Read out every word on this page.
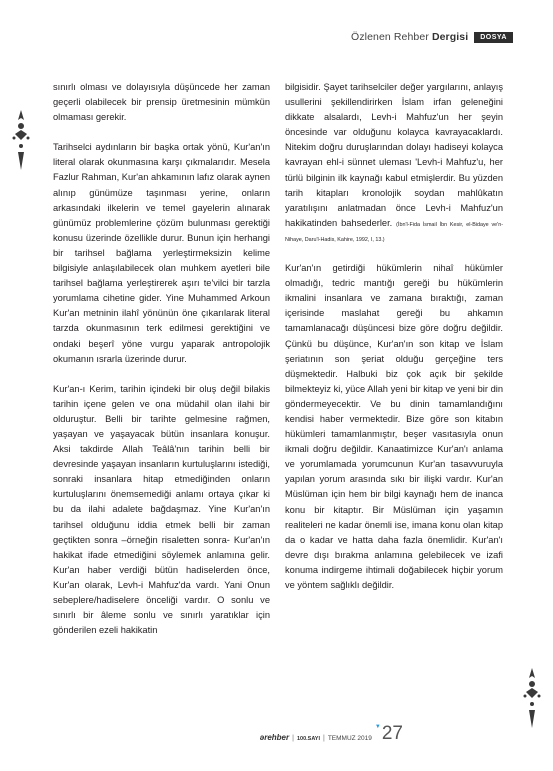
Özlenen Rehber Dergisi	DOSYA

sınırlı olması ve dolayısıyla düşüncede her zaman geçerli olabilecek bir prensip üretmesinin mümkün olmaması gerekir.

Tarihselci aydınların bir başka ortak yönü, Kur'an'ın literal olarak okunmasına karşı çıkmalarıdır. Mesela Fazlur Rahman, Kur'an ahkamının lafız olarak aynen alınıp günümüze taşınması yerine, onların arkasındaki ilkelerin ve temel gayelerin alınarak günümüz problemlerine çözüm bulunması gerektiği konusu üzerinde özellikle durur. Bunun için herhangi bir tarihsel bağlama yerleştirmeksizin kelime bilgisiyle anlaşılabilecek olan muhkem ayetleri bile tarihsel bağlama yerleştirerek aşırı te'vilci bir tarzla yorumlama cihetine gider. Yine Muhammed Arkoun Kur'an metninin ilahî yönünün öne çıkarılarak literal tarzda okunmasının terk edilmesi gerektiğini ve ondaki beşerî yöne vurgu yaparak antropolojik okumanın ısrarla üzerinde durur.

Kur'an-ı Kerim, tarihin içindeki bir oluş değil bilakis tarihin içene gelen ve ona müdahil olan ilahi bir olduruştur. Belli bir tarihte gelmesine rağmen, yaşayan ve yaşayacak bütün insanlara konuşur. Aksi takdirde Allah Teâlâ'nın tarihin belli bir devresinde yaşayan insanların kurtuluşlarını istediği, sonraki insanlara hitap etmediğinden onların kurtuluşlarını önemsemediği anlamı ortaya çıkar ki bu da ilahi adalete bağdaşmaz. Yine Kur'an'ın tarihsel olduğunu iddia etmek belli bir zaman geçtikten sonra –örneğin risaletten sonra- Kur'an'ın hakikat ifade etmediğini söylemek anlamına gelir. Kur'an haber verdiği bütün hadiselerden önce, Kur'an olarak, Levh-i Mahfuz'da vardı. Yani Onun sebeplere/hadiselere önceliği vardır. O sonlu ve sınırlı bir âleme sonlu ve sınırlı yaratıklar için gönderilen ezeli hakikatin

bilgisidir. Şayet tarihselciler değer yargılarını, anlayış usullerini şekillendirirken İslam irfan geleneğini dikkate alsalardı, Levh-i Mahfuz'un her şeyin öncesinde var olduğunu kolayca kavrayacaklardı. Nitekim doğru duruşlarından dolayı hadiseyi kolayca kavrayan ehl-i sünnet uleması 'Levh-i Mahfuz'u, her türlü bilginin ilk kaynağı kabul etmişlerdir. Bu yüzden tarih kitapları kronolojik soydan mahlûkatın yaratılışını anlatmadan önce Levh-i Mahfuz'un hakikatinden bahsederler. (İbn'l-Fida İsmail İbn Kesir, el-Bidaye ve'n-Nihaye, Daru'l-Hadis, Kahire, 1992, I, 13.)

Kur'an'ın getirdiği hükümlerin nihaî hükümler olmadığı, tedric mantığı gereği bu hükümlerin ikmalini insanlara ve zamana bıraktığı, zaman içerisinde maslahat gereği bu ahkamın tamamlanacağı düşüncesi bize göre doğru değildir. Çünkü bu düşünce, Kur'an'ın son kitap ve İslam şeriatının son şeriat olduğu gerçeğine ters düşmektedir. Halbuki biz çok açık bir şekilde bilmekteyiz ki, yüce Allah yeni bir kitap ve yeni bir din göndermeyecektir. Ve bu dinin tamamlandığını kendisi haber vermektedir. Bize göre son kitabın hükümleri tamamlanmıştır, beşer vasıtasıyla onun ikmali doğru değildir. Kanaatimizce Kur'an'ı anlama ve yorumlamada yorumcunun Kur'an tasavvuruyla yapılan yorum arasında sıkı bir ilişki vardır. Kur'an Müslüman için hem bir bilgi kaynağı hem de inanca konu bir kitaptır. Bir Müslüman için yaşamın realiteleri ne kadar önemli ise, imana konu olan kitap da o kadar ve hatta daha fazla önemlidir. Kur'an'ı devre dışı bırakma anlamına gelebilecek ve izafi konuma indirgeme ihtimali doğabilecek hiçbir yorum ve yöntem sağlıklı değildir.

ərehber | 100.SAYI | TEMMUZ 2019
▼ 27
